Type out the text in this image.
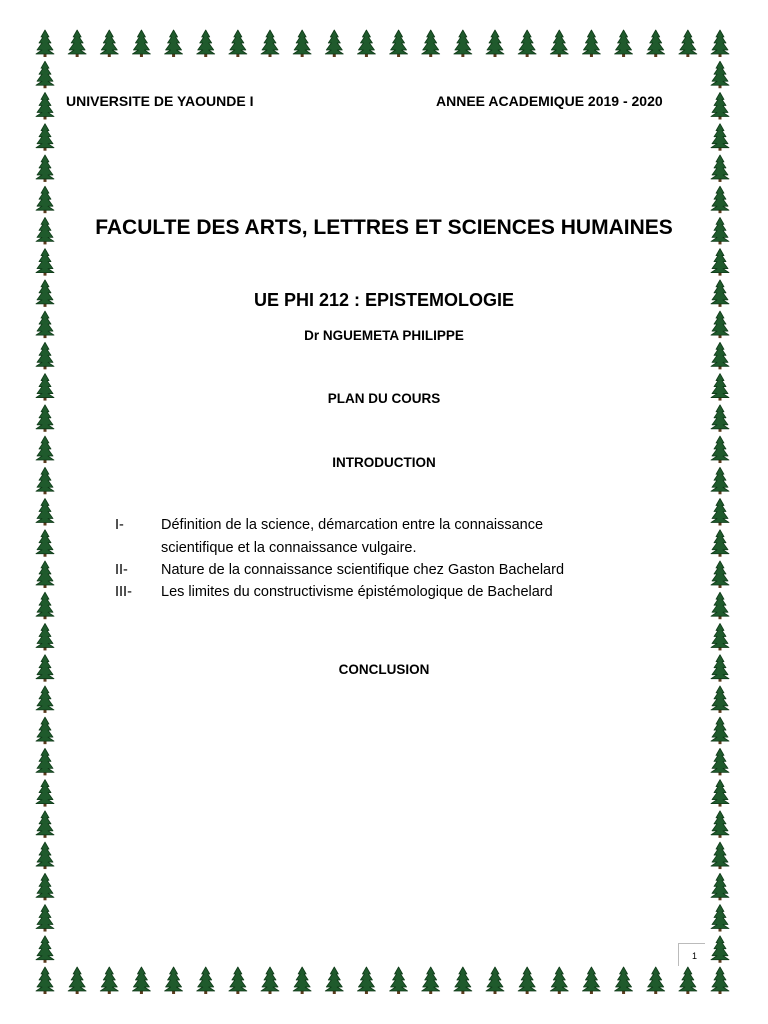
UNIVERSITE DE YAOUNDE I	ANNEE ACADEMIQUE 2019 - 2020
FACULTE DES ARTS, LETTRES ET SCIENCES HUMAINES
UE PHI 212 : EPISTEMOLOGIE
Dr NGUEMETA PHILIPPE
PLAN DU COURS
INTRODUCTION
I-	Définition de la science, démarcation entre la connaissance
scientifique et la connaissance vulgaire.
II- Nature de la connaissance scientifique chez Gaston Bachelard
III- Les limites du constructivisme épistémologique de Bachelard
CONCLUSION
1
